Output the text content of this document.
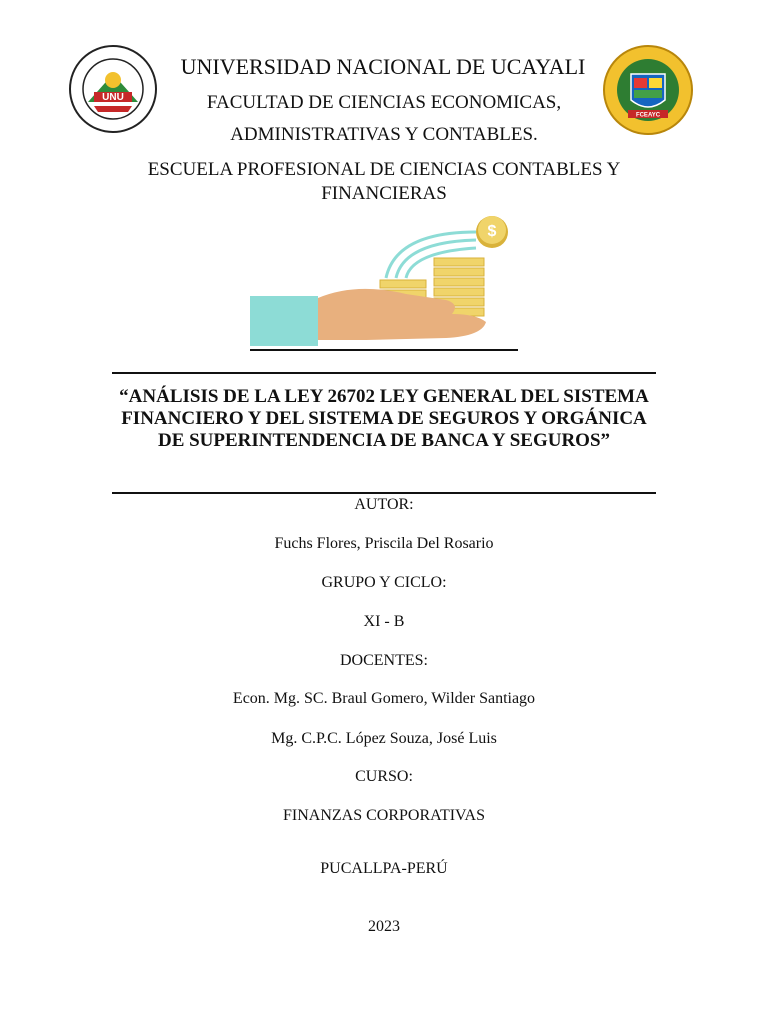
UNU
FCEAYC
UNIVERSIDAD NACIONAL DE UCAYALI
FACULTAD DE CIENCIAS ECONOMICAS,
ADMINISTRATIVAS Y CONTABLES.
ESCUELA PROFESIONAL DE CIENCIAS CONTABLES Y FINANCIERAS
$
“ANÁLISIS DE LA LEY 26702 LEY GENERAL DEL SISTEMA FINANCIERO Y DEL SISTEMA DE SEGUROS Y ORGÁNICA DE SUPERINTENDENCIA DE BANCA Y SEGUROS”
AUTOR:
Fuchs Flores, Priscila Del Rosario
GRUPO Y CICLO:
XI - B
DOCENTES:
Econ. Mg. SC. Braul Gomero, Wilder Santiago
Mg. C.P.C. López Souza, José Luis
CURSO:
FINANZAS CORPORATIVAS
PUCALLPA-PERÚ
2023
